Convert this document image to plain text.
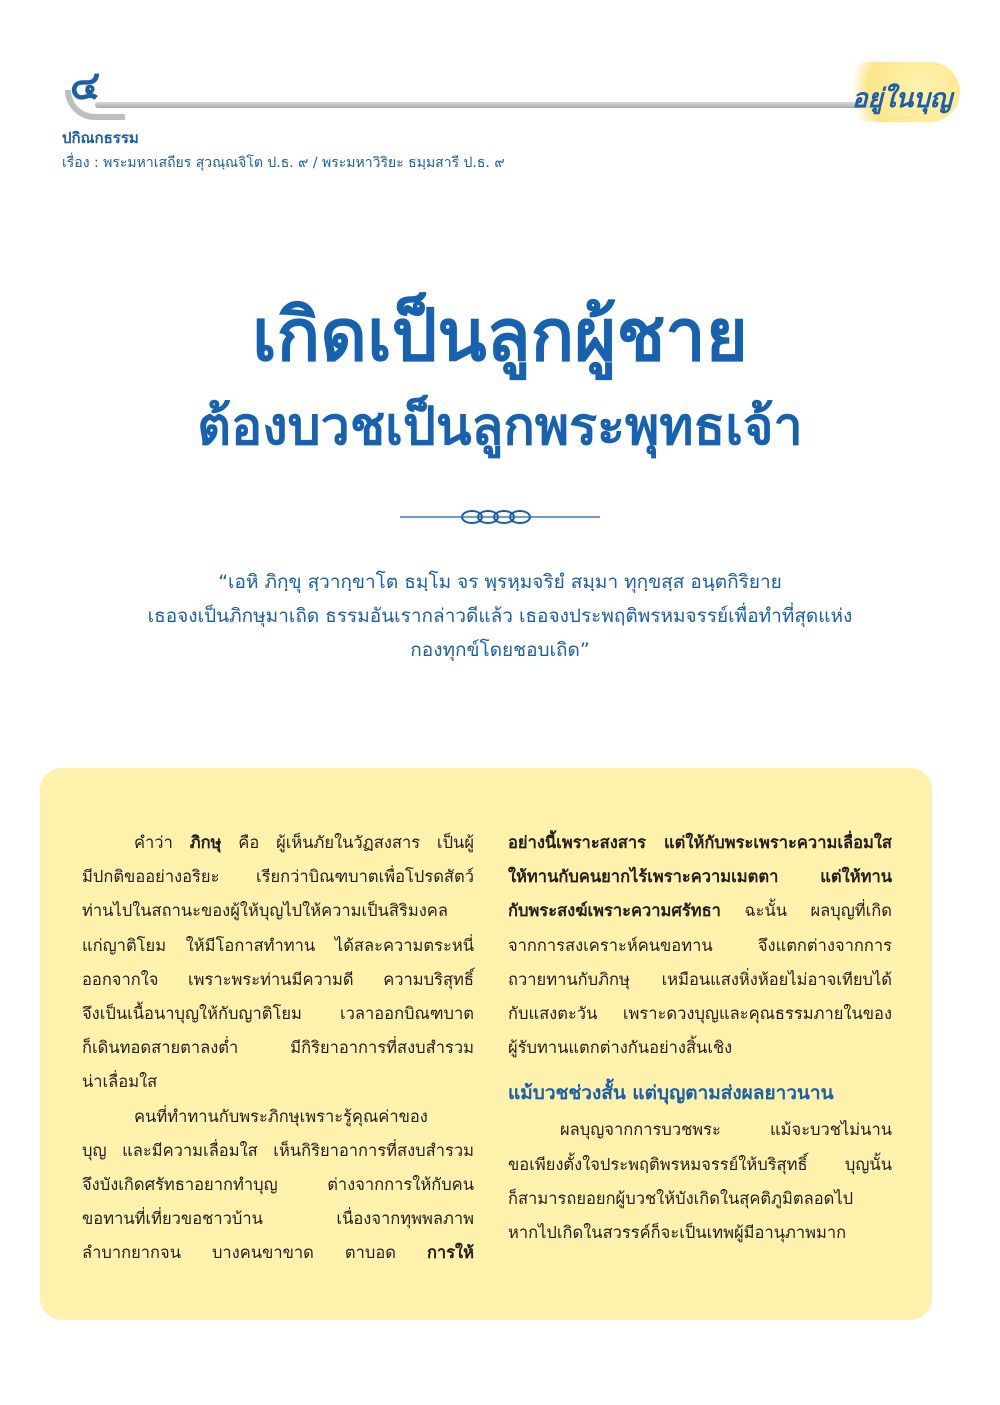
๔	อยู่ในบุญ
ปกิณกธรรม
เรื่อง : พระมหาเสถียร สุวณฺณจิโต ป.ธ. ๙ / พระมหาวิริยะ ธมฺมสารี ป.ธ. ๙
เกิดเป็นลูกผู้ชาย
ต้องบวชเป็นลูกพระพุทธเจ้า
“เอหิ ภิกฺขุ สฺวากฺขาโต ธมฺโม จร พฺรหฺมจริยํ สมฺมา ทุกฺขสฺส อนฺตกิริยาย
เธอจงเป็นภิกษุมาเถิด ธรรมอันเรากล่าวดีแล้ว เธอจงประพฤติพรหมจรรย์เพื่อทำที่สุดแห่ง
กองทุกข์โดยชอบเถิด”
คำว่า ภิกษุ คือ ผู้เห็นภัยในวัฏสงสาร เป็นผู้
มีปกติขออย่างอริยะ เรียกว่าบิณฑบาตเพื่อโปรดสัตว์
ท่านไปในสถานะของผู้ให้บุญไปให้ความเป็นสิริมงคล
แก่ญาติโยม ให้มีโอกาสทำทาน ได้สละความตระหนี่
ออกจากใจ เพราะพระท่านมีความดี ความบริสุทธิ์
จึงเป็นเนื้อนาบุญให้กับญาติโยม เวลาออกบิณฑบาต
ก็เดินทอดสายตาลงต่ำ มีกิริยาอาการที่สงบสำรวม
น่าเลื่อมใส
คนที่ทำทานกับพระภิกษุเพราะรู้คุณค่าของ
บุญ และมีความเลื่อมใส เห็นกิริยาอาการที่สงบสำรวม
จึงบังเกิดศรัทธาอยากทำบุญ ต่างจากการให้กับคน
ขอทานที่เที่ยวขอชาวบ้าน เนื่องจากทุพพลภาพ
ลำบากยากจน บางคนขาขาด ตาบอด การให้
อย่างนี้เพราะสงสาร แต่ให้กับพระเพราะความเลื่อมใส
ให้ทานกับคนยากไร้เพราะความเมตตา แต่ให้ทาน
กับพระสงฆ์เพราะความศรัทธา ฉะนั้น ผลบุญที่เกิด
จากการสงเคราะห์คนขอทาน จึงแตกต่างจากการ
ถวายทานกับภิกษุ เหมือนแสงหิ่งห้อยไม่อาจเทียบได้
กับแสงตะวัน เพราะดวงบุญและคุณธรรมภายในของ
ผู้รับทานแตกต่างกันอย่างสิ้นเชิง
แม้บวชช่วงสั้น แต่บุญตามส่งผลยาวนาน
ผลบุญจากการบวชพระ แม้จะบวชไม่นาน
ขอเพียงตั้งใจประพฤติพรหมจรรย์ให้บริสุทธิ์ บุญนั้น
ก็สามารถยอยกผู้บวชให้บังเกิดในสุคติภูมิตลอดไป
หากไปเกิดในสวรรค์ก็จะเป็นเทพผู้มีอานุภาพมาก
